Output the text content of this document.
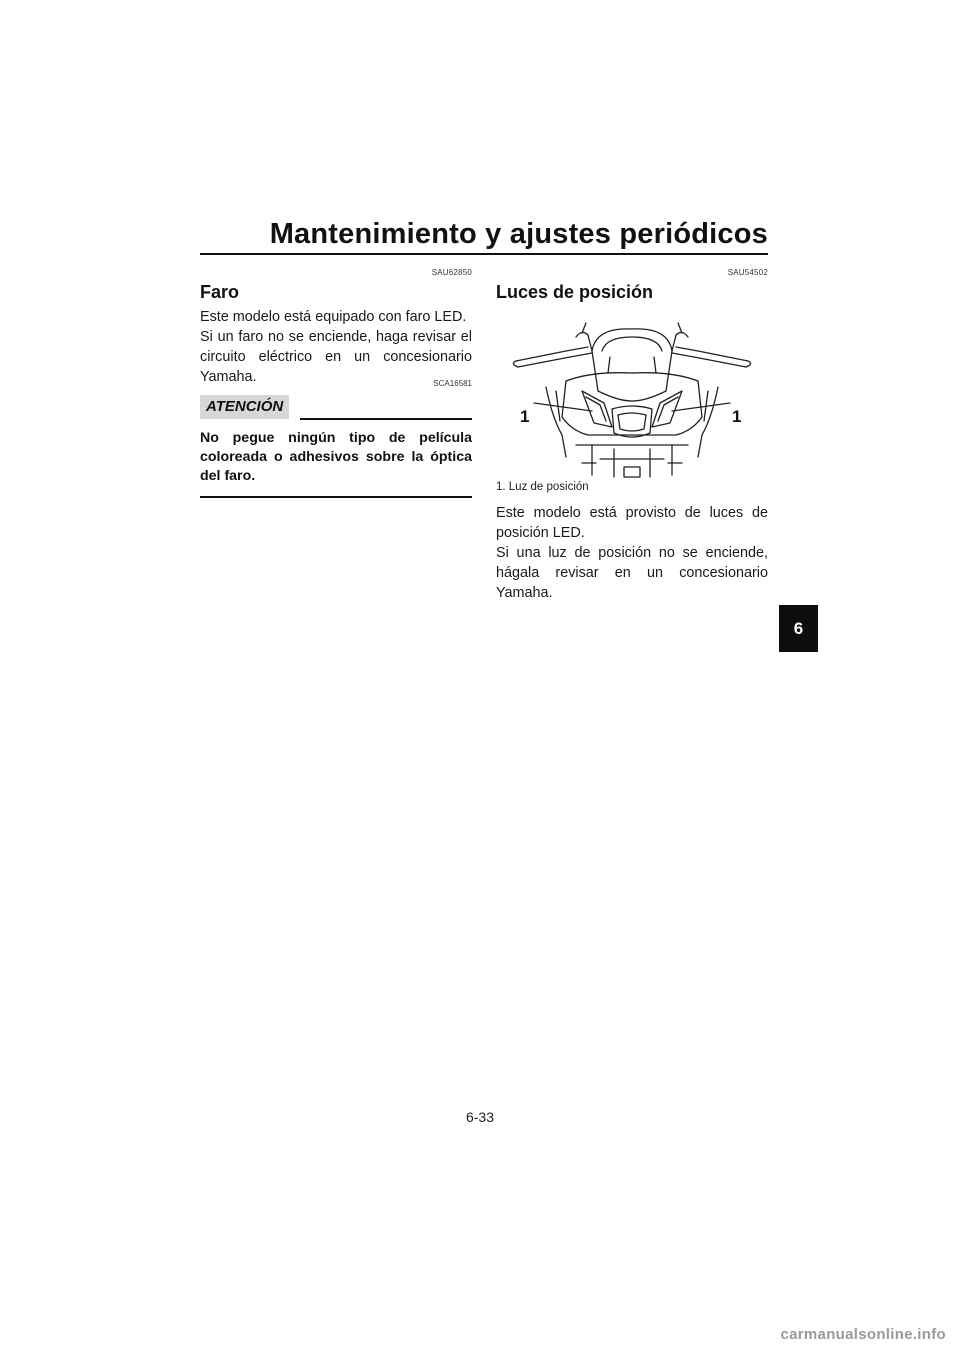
Mantenimiento y ajustes periódicos
SAU62850
Faro

Este modelo está equipado con faro LED.

Si un faro no se enciende, haga revisar el circuito eléctrico en un concesionario Yamaha.	SCA16581
ATENCIÓN
No pegue ningún tipo de película coloreada o adhesivos sobre la óptica del faro.
SAU54502
Luces de posición
1	1
1. Luz de posición

Este modelo está provisto de luces de posición LED.

Si una luz de posición no se enciende, hágala revisar en un concesionario Yamaha.

6
6-33
carmanualsonline.info
